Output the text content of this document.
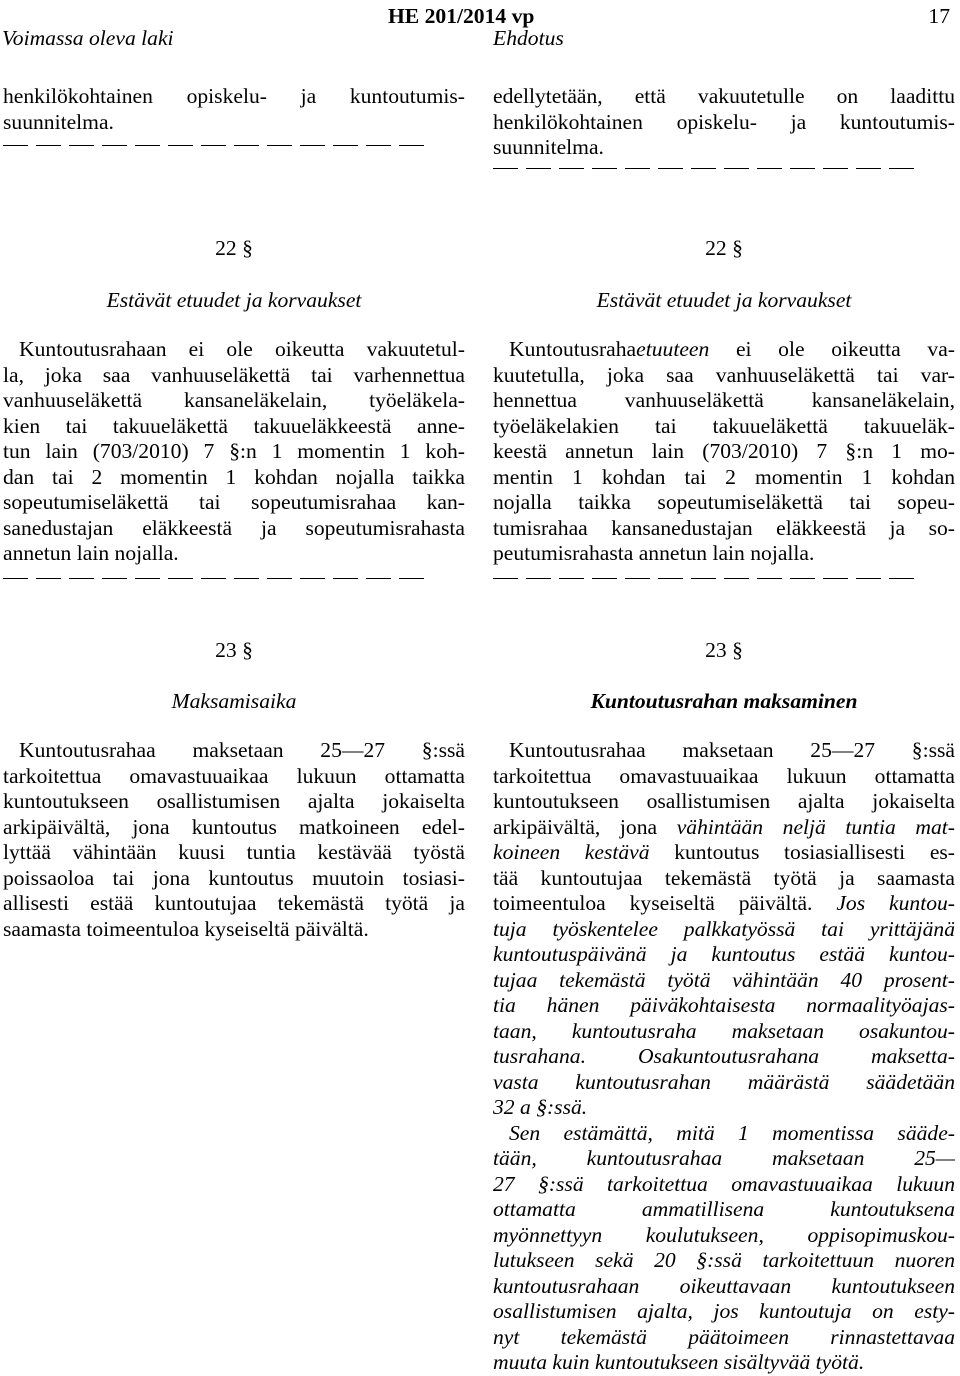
Voimassa oleva laki
HE 201/2014 vp
Ehdotus
17
henkilökohtainen opiskelu- ja kuntoutumis-
suunnitelma.
edellytetään, että vakuutetulle on laadittu
henkilökohtainen opiskelu- ja kuntoutumis-
suunnitelma.
22 §	22 §
Estävät etuudet ja korvaukset	Estävät etuudet ja korvaukset
Kuntoutusrahaan ei ole oikeutta vakuutetul-
la, joka saa vanhuuseläkettä tai varhennettua
vanhuuseläkettä kansaneläkelain, työeläkela-
kien tai takuueläkettä takuueläkkeestä anne-
tun lain (703/2010) 7 §:n 1 momentin 1 koh-
dan tai 2 momentin 1 kohdan nojalla taikka
sopeutumiseläkettä tai sopeutumisrahaa kan-
sanedustajan eläkkeestä ja sopeutumisrahasta
annetun lain nojalla.
Kuntoutusrahaetuuteen ei ole oikeutta va-
kuutetulla, joka saa vanhuuseläkettä tai var-
hennettua vanhuuseläkettä kansaneläkelain,
työeläkelakien tai takuueläkettä takuueläk-
keestä annetun lain (703/2010) 7 §:n 1 mo-
mentin 1 kohdan tai 2 momentin 1 kohdan
nojalla taikka sopeutumiseläkettä tai sopeu-
tumisrahaa kansanedustajan eläkkeestä ja so-
peutumisrahasta annetun lain nojalla.
23 §	23 §
Maksamisaika	Kuntoutusrahan maksaminen
Kuntoutusrahaa maksetaan 25—27 §:ssä
tarkoitettua omavastuuaikaa lukuun ottamatta
kuntoutukseen osallistumisen ajalta jokaiselta
arkipäivältä, jona kuntoutus matkoineen edel-
lyttää vähintään kuusi tuntia kestävää työstä
poissaoloa tai jona kuntoutus muutoin tosiasi-
allisesti estää kuntoutujaa tekemästä työtä ja
saamasta toimeentuloa kyseiseltä päivältä.
Kuntoutusrahaa maksetaan 25—27 §:ssä
tarkoitettua omavastuuaikaa lukuun ottamatta
kuntoutukseen osallistumisen ajalta jokaiselta
arkipäivältä, jona vähintään neljä tuntia mat-
koineen kestävä kuntoutus tosiasiallisesti es-
tää kuntoutujaa tekemästä työtä ja saamasta
toimeentuloa kyseiseltä päivältä. Jos kuntou-
tuja työskentelee palkkatyössä tai yrittäjänä
kuntoutuspäivänä ja kuntoutus estää kuntou-
tujaa tekemästä työtä vähintään 40 prosent-
tia hänen päiväkohtaisesta normaalityöajas-
taan, kuntoutusraha maksetaan osakuntou-
tusrahana. Osakuntoutusrahana maksetta-
vasta kuntoutusrahan määrästä säädetään
32 a §:ssä.
Sen estämättä, mitä 1 momentissa sääde-
tään, kuntoutusrahaa maksetaan 25—
27 §:ssä tarkoitettua omavastuuaikaa lukuun
ottamatta ammatillisena kuntoutuksena
myönnettyyn koulutukseen, oppisopimuskou-
lutukseen sekä 20 §:ssä tarkoitettuun nuoren
kuntoutusrahaan oikeuttavaan kuntoutukseen
osallistumisen ajalta, jos kuntoutuja on esty-
nyt tekemästä päätoimeen rinnastettavaa
muuta kuin kuntoutukseen sisältyvää työtä.
